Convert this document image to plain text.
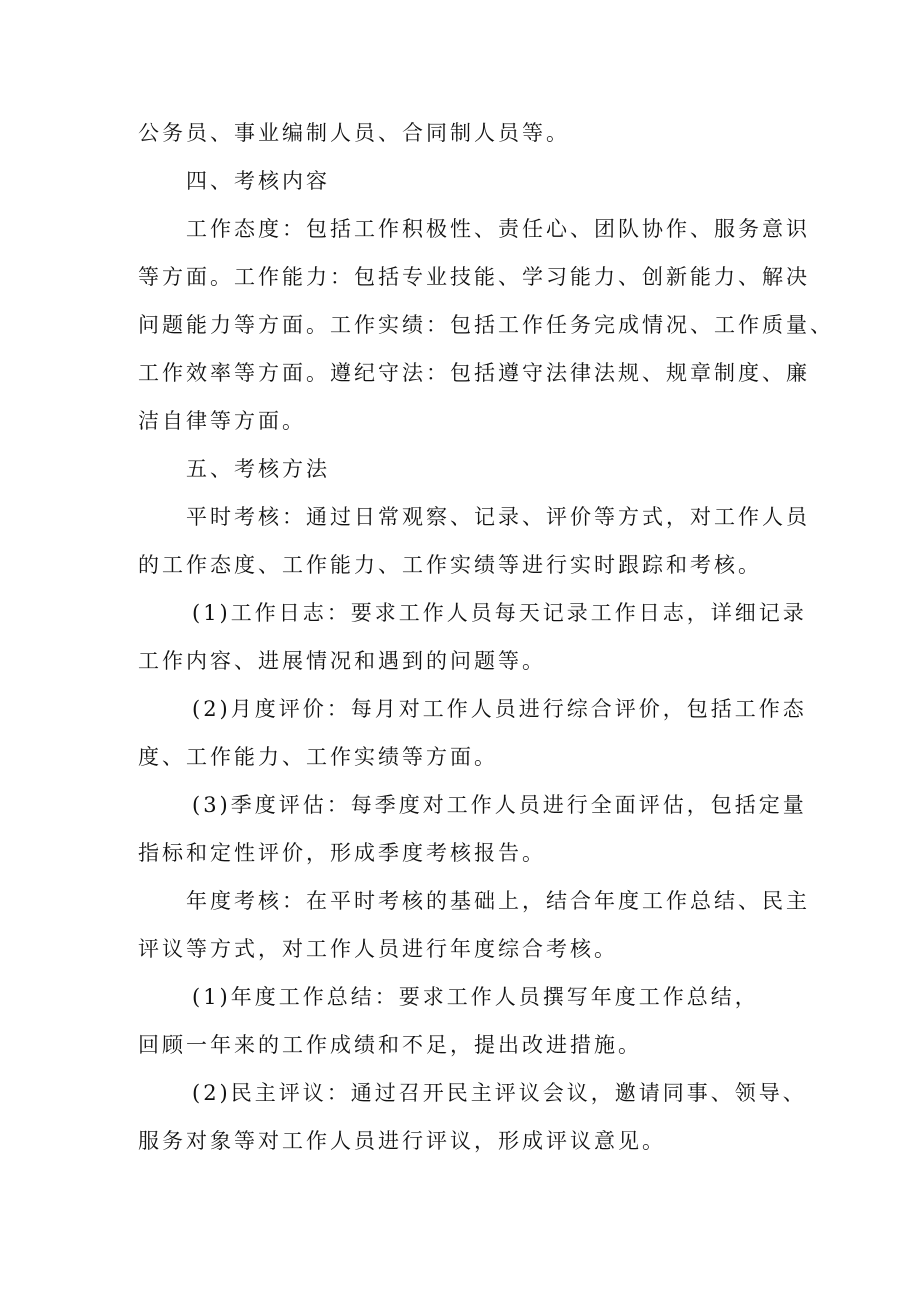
公务员、事业编制人员、合同制人员等。
四、考核内容
工作态度：包括工作积极性、责任心、团队协作、服务意识
等方面。工作能力：包括专业技能、学习能力、创新能力、解决
问题能力等方面。工作实绩：包括工作任务完成情况、工作质量、
工作效率等方面。遵纪守法：包括遵守法律法规、规章制度、廉
洁自律等方面。
五、考核方法
平时考核：通过日常观察、记录、评价等方式，对工作人员
的工作态度、工作能力、工作实绩等进行实时跟踪和考核。
(1)工作日志：要求工作人员每天记录工作日志，详细记录
工作内容、进展情况和遇到的问题等。
(2)月度评价：每月对工作人员进行综合评价，包括工作态
度、工作能力、工作实绩等方面。
(3)季度评估：每季度对工作人员进行全面评估，包括定量
指标和定性评价，形成季度考核报告。
年度考核：在平时考核的基础上，结合年度工作总结、民主
评议等方式，对工作人员进行年度综合考核。
(1)年度工作总结：要求工作人员撰写年度工作总结，
回顾一年来的工作成绩和不足，提出改进措施。
(2)民主评议：通过召开民主评议会议，邀请同事、领导、
服务对象等对工作人员进行评议，形成评议意见。
